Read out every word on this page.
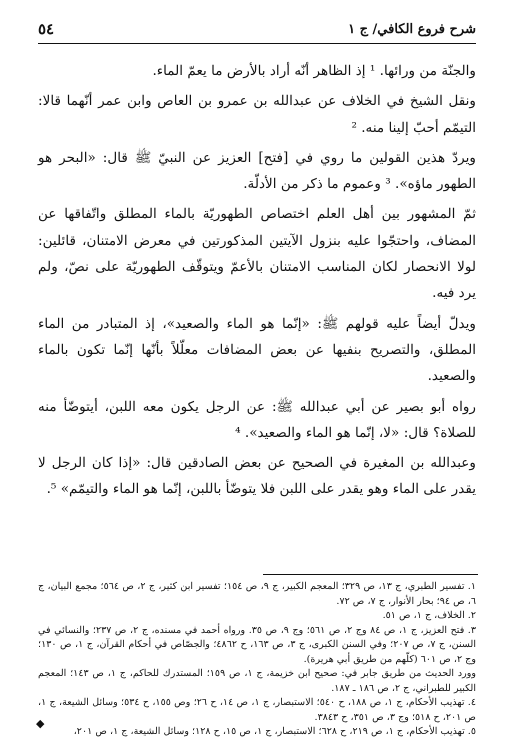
شرح فروع الكافي/ ج ١
٥٤

والجنّة من ورائها. ¹ إذ الظاهر أنّه أراد بالأرض ما يعمّ الماء.

ونقل الشيخ في الخلاف عن عبدالله بن عمرو بن العاص وابن عمر أنّهما قالا: التيمّم أحبّ إلينا منه. ²

ويردّ هذين القولين ما روي في [فتح] العزيز عن النبيّ ﷺ قال: «البحر هو الطهور ماؤه». ³ وعموم ما ذكر من الأدلّة.

ثمّ المشهور بين أهل العلم اختصاص الطهوريّة بالماء المطلق واتّفاقها عن المضاف، واحتجّوا عليه بنزول الآيتين المذكورتين في معرض الامتنان، قائلين: لولا الانحصار لكان المناسب الامتنان بالأعمّ ويتوقّف الطهوريّة على نصّ، ولم يرد فيه.

ويدلّ أيضاً عليه قولهم ﷺ: «إنّما هو الماء والصعيد»، إذ المتبادر من الماء المطلق، والتصريح بنفيها عن بعض المضافات معلّلاً بأنّها إنّما تكون بالماء والصعيد.

رواه أبو بصير عن أبي عبدالله ﷺ: عن الرجل يكون معه اللبن، أيتوضّأ منه للصلاة؟ قال: «لا، إنّما هو الماء والصعيد». ⁴

وعبدالله بن المغيرة في الصحيح عن بعض الصادقين قال: «إذا كان الرجل لا يقدر على الماء وهو يقدر على اللبن فلا يتوضّأ باللبن، إنّما هو الماء والتيمّم» ⁵.

١. تفسير الطبري، ج ١٣، ص ٣٢٩؛ المعجم الكبير، ج ٩، ص ١٥٤؛ تفسير ابن كثير، ج ٢، ص ٥٦٤؛ مجمع البيان، ج ٦، ص ٩٤؛ بحار الأنوار، ج ٧، ص ٧٢.

٢. الخلاف، ج ١، ص ٥١.

٣. فتح العزيز، ج ١، ص ٨٤ وج ٢، ص ٥٦١؛ وج ٩، ص ٣٥. ورواه أحمد في مسنده، ج ٢، ص ٢٣٧؛ والنسائي في السنن، ج ٧، ص ٢٠٧؛ وفي السنن الكبرى، ج ٣، ص ١٦٣، ح ٤٨٦٢؛ والجصّاص في أحكام القرآن، ج ١، ص ١٣٠؛ وج ٢، ص ٦٠١ (كلّهم من طريق أبي هريرة).

وورد الحديث من طريق جابر في: صحيح ابن خزيمة، ج ١، ص ١٥٩؛ المستدرك للحاكم، ج ١، ص ١٤٣؛ المعجم الكبير للطبراني، ج ٢، ص ١٨٦ ـ ١٨٧.

٤. تهذيب الأحكام، ج ١، ص ١٨٨، ح ٥٤٠؛ الاستبصار، ج ١، ص ١٤، ح ٢٦؛ وص ١٥٥، ح ٥٣٤؛ وسائل الشيعة، ج ١، ص ٢٠١، ح ٥١٨؛ وج ٣، ص ٣٥١، ح ٣٨٤٣.

٥. تهذيب الأحكام، ج ١، ص ٢١٩، ح ٦٢٨؛ الاستبصار، ج ١، ص ١٥، ح ١٢٨؛ وسائل الشيعة، ج ١، ص ٢٠١،

◆
